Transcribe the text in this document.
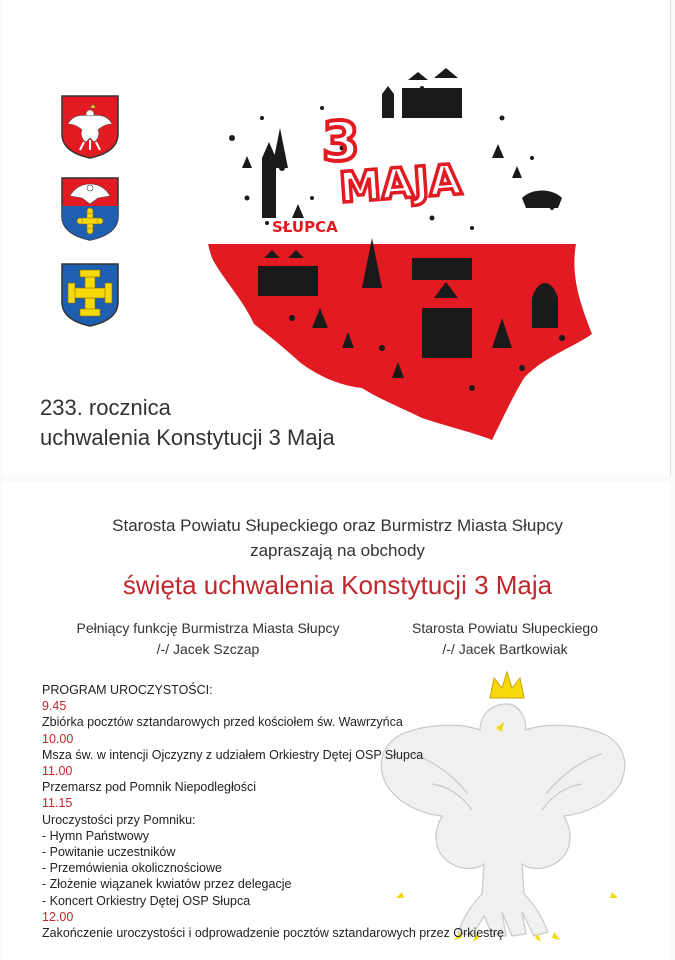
3
MAJA
SŁUPCA
233. rocznica
uchwalenia Konstytucji 3 Maja
Starosta Powiatu Słupeckiego oraz Burmistrz Miasta Słupcy
zapraszają na obchody
święta uchwalenia Konstytucji 3 Maja
Pełniący funkcję Burmistrza Miasta Słupcy
/-/ Jacek Szczap
Starosta Powiatu Słupeckiego
/-/ Jacek Bartkowiak
PROGRAM UROCZYSTOŚCI:
9.45
Zbiórka pocztów sztandarowych przed kościołem św. Wawrzyńca
10.00
Msza św. w intencji Ojczyzny z udziałem Orkiestry Dętej OSP Słupca
11.00
Przemarsz pod Pomnik Niepodległości
11.15
Uroczystości przy Pomniku:
- Hymn Państwowy
- Powitanie uczestników
- Przemówienia okolicznościowe
- Złożenie wiązanek kwiatów przez delegacje
- Koncert Orkiestry Dętej OSP Słupca
12.00
Zakończenie uroczystości i odprowadzenie pocztów sztandarowych przez Orkiestrę
